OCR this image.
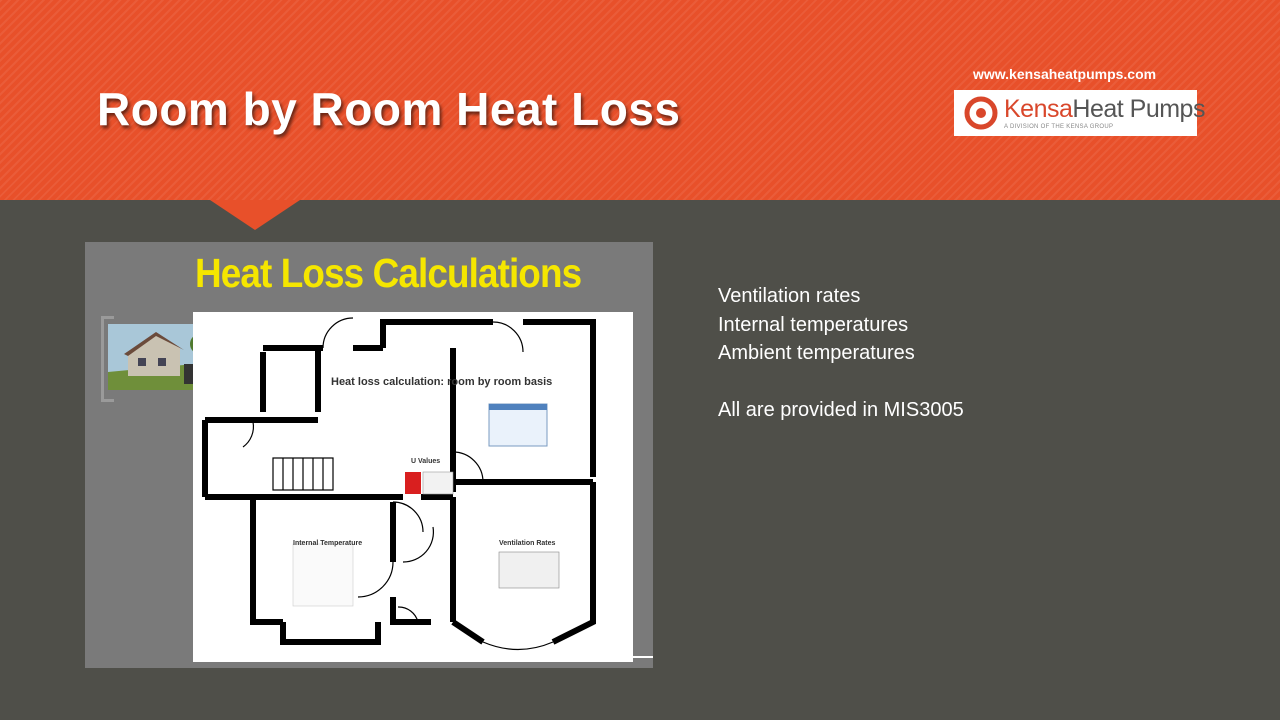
Room by Room Heat Loss
www.kensaheatpumps.com
KensaHeat Pumps
A DIVISION OF THE KENSA GROUP
Heat Loss Calculations
Heat loss calculation: room by room basis
U Values
Internal Temperature	Ventilation Rates
Ventilation rates
Internal temperatures
Ambient temperatures

All are provided in MIS3005
